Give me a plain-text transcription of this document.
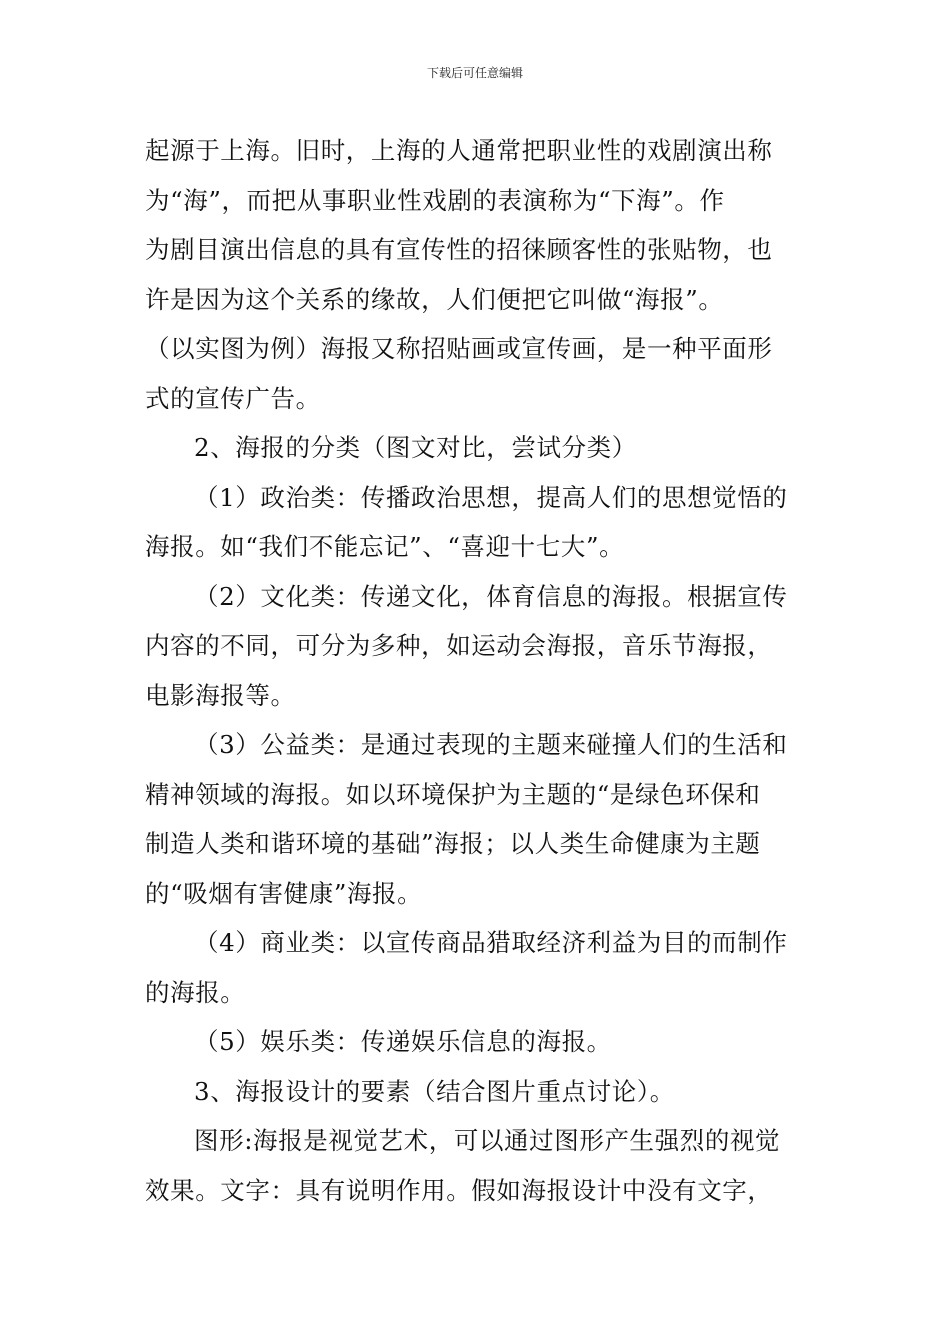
下载后可任意编辑

起源于上海。旧时，上海的人通常把职业性的戏剧演出称
为“海”，而把从事职业性戏剧的表演称为“下海”。作
为剧目演出信息的具有宣传性的招徕顾客性的张贴物，也
许是因为这个关系的缘故，人们便把它叫做“海报”。
（以实图为例）海报又称招贴画或宣传画，是一种平面形
式的宣传广告。

2、海报的分类（图文对比，尝试分类）

（1）政治类：传播政治思想，提高人们的思想觉悟的
海报。如“我们不能忘记”、“喜迎十七大”。

（2）文化类：传递文化，体育信息的海报。根据宣传
内容的不同，可分为多种，如运动会海报，音乐节海报，
电影海报等。

（3）公益类：是通过表现的主题来碰撞人们的生活和
精神领域的海报。如以环境保护为主题的“是绿色环保和
制造人类和谐环境的基础”海报；以人类生命健康为主题
的“吸烟有害健康”海报。

（4）商业类：以宣传商品猎取经济利益为目的而制作
的海报。

（5）娱乐类：传递娱乐信息的海报。

3、海报设计的要素（结合图片重点讨论）。

图形:海报是视觉艺术，可以通过图形产生强烈的视觉
效果。文字：具有说明作用。假如海报设计中没有文字，
